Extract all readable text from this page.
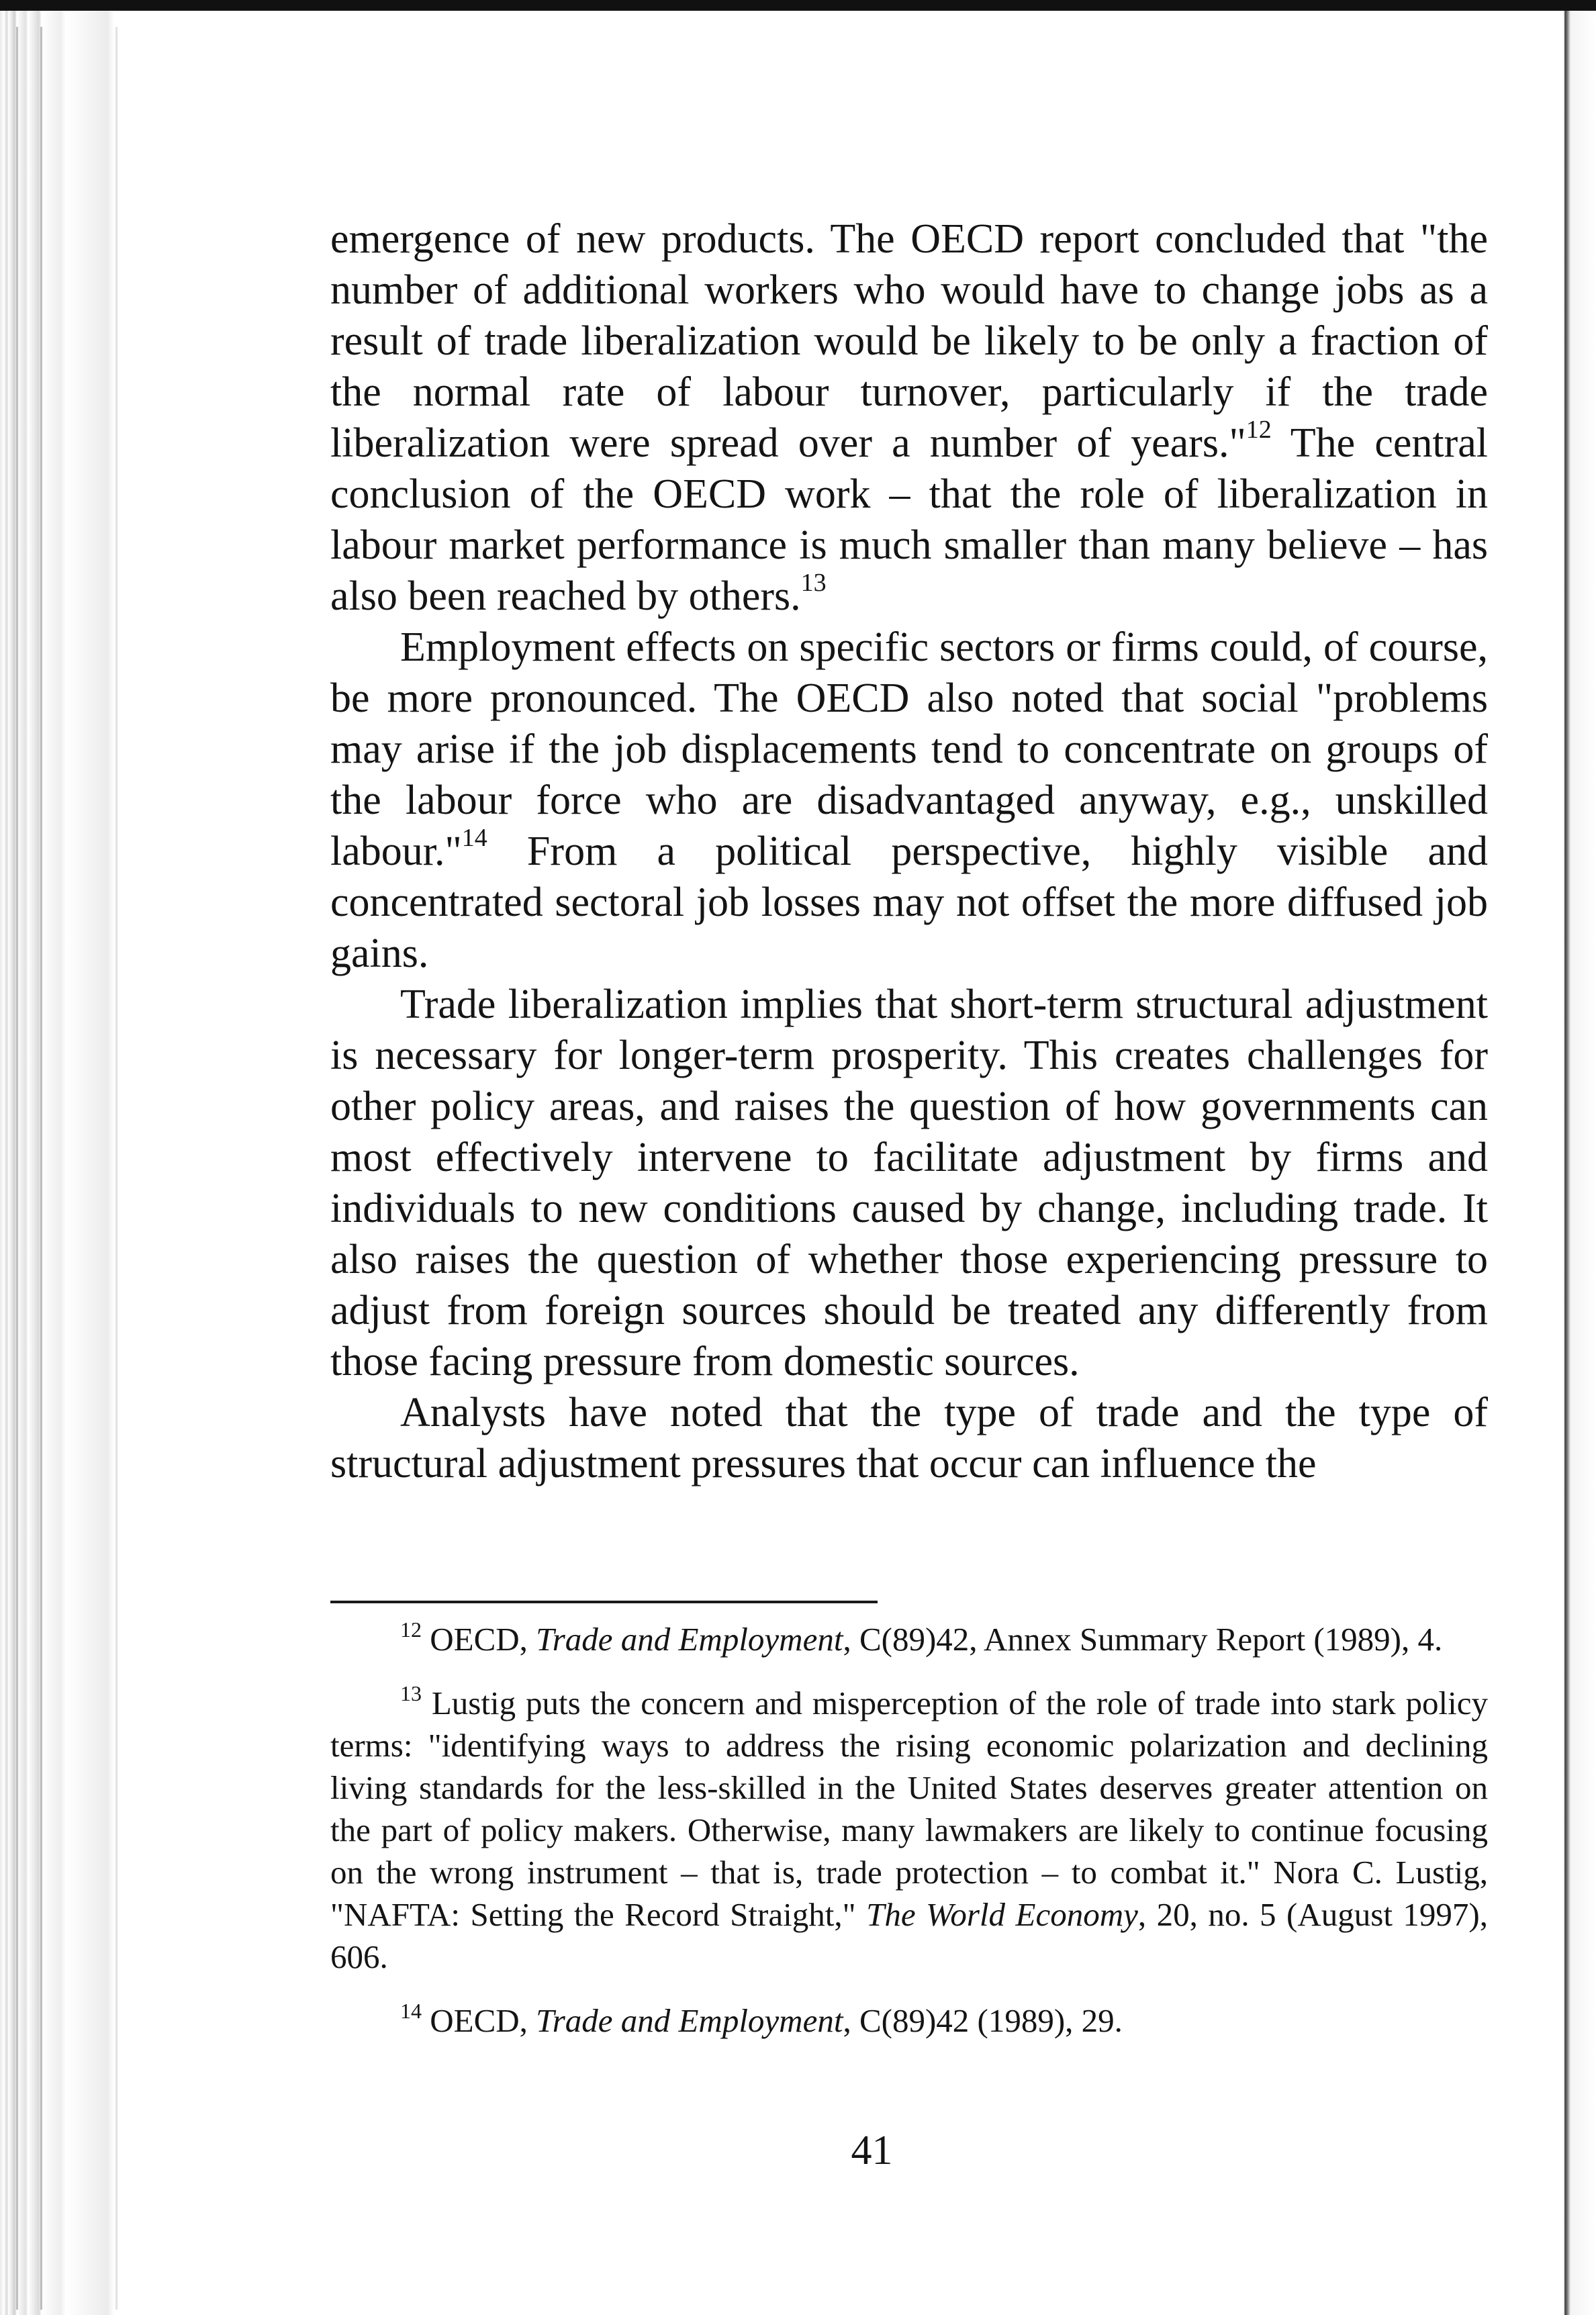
emergence of new products. The OECD report concluded that "the number of additional workers who would have to change jobs as a result of trade liberalization would be likely to be only a fraction of the normal rate of labour turnover, particularly if the trade liberalization were spread over a number of years."$^{12}$ The central conclusion of the OECD work – that the role of liberalization in labour market performance is much smaller than many believe – has also been reached by others.$^{13}$

Employment effects on specific sectors or firms could, of course, be more pronounced. The OECD also noted that social "problems may arise if the job displacements tend to concentrate on groups of the labour force who are disadvantaged anyway, e.g., unskilled labour."$^{14}$ From a political perspective, highly visible and concentrated sectoral job losses may not offset the more diffused job gains.

Trade liberalization implies that short-term structural adjustment is necessary for longer-term prosperity. This creates challenges for other policy areas, and raises the question of how governments can most effectively intervene to facilitate adjustment by firms and individuals to new conditions caused by change, including trade. It also raises the question of whether those experiencing pressure to adjust from foreign sources should be treated any differently from those facing pressure from domestic sources.

Analysts have noted that the type of trade and the type of structural adjustment pressures that occur can influence the

$^{12}$ OECD, Trade and Employment, C(89)42, Annex Summary Report (1989), 4.

$^{13}$ Lustig puts the concern and misperception of the role of trade into stark policy terms: "identifying ways to address the rising economic polarization and declining living standards for the less-skilled in the United States deserves greater attention on the part of policy makers. Otherwise, many lawmakers are likely to continue focusing on the wrong instrument – that is, trade protection – to combat it." Nora C. Lustig, "NAFTA: Setting the Record Straight," The World Economy, 20, no. 5 (August 1997), 606.

$^{14}$ OECD, Trade and Employment, C(89)42 (1989), 29.

41
